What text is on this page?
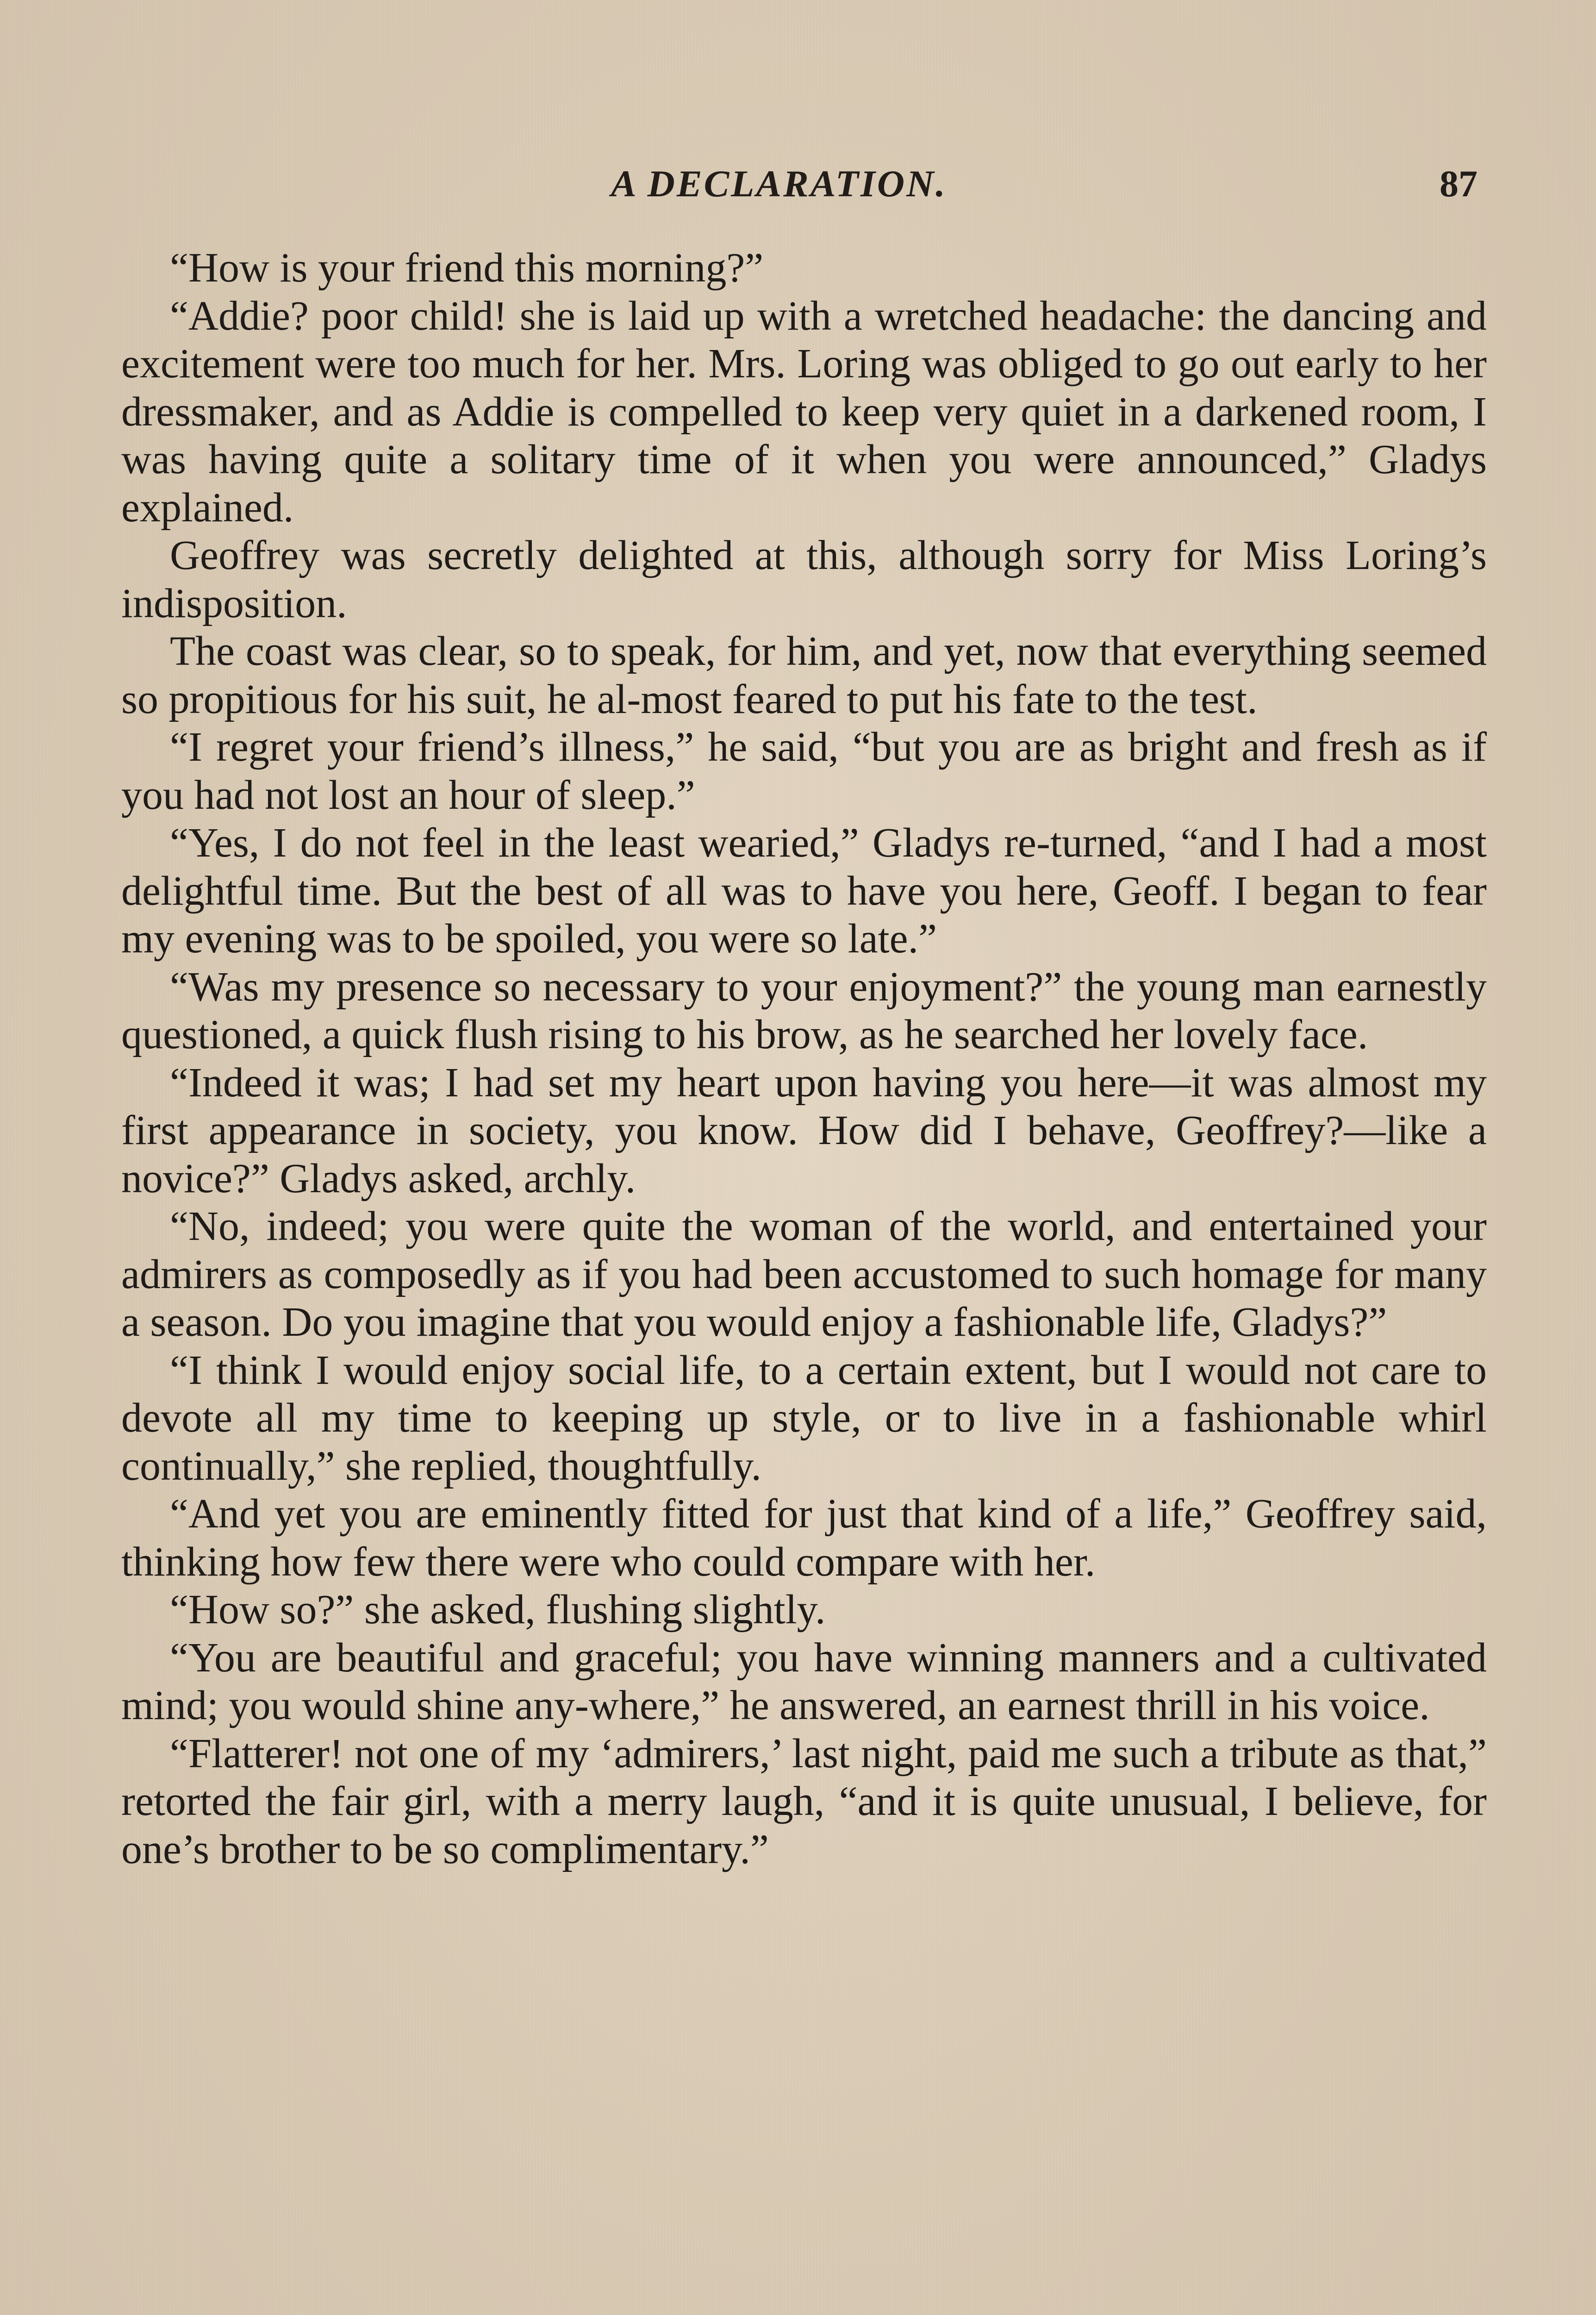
A DECLARATION.	87

“How is your friend this morning?”

“Addie? poor child! she is laid up with a wretched headache: the dancing and excitement were too much for her. Mrs. Loring was obliged to go out early to her dressmaker, and as Addie is compelled to keep very quiet in a darkened room, I was having quite a solitary time of it when you were announced,” Gladys explained.

Geoffrey was secretly delighted at this, although sorry for Miss Loring’s indisposition.

The coast was clear, so to speak, for him, and yet, now that everything seemed so propitious for his suit, he al-most feared to put his fate to the test.

“I regret your friend’s illness,” he said, “but you are as bright and fresh as if you had not lost an hour of sleep.”

“Yes, I do not feel in the least wearied,” Gladys re-turned, “and I had a most delightful time. But the best of all was to have you here, Geoff. I began to fear my evening was to be spoiled, you were so late.”

“Was my presence so necessary to your enjoyment?” the young man earnestly questioned, a quick flush rising to his brow, as he searched her lovely face.

“Indeed it was; I had set my heart upon having you here—it was almost my first appearance in society, you know. How did I behave, Geoffrey?—like a novice?” Gladys asked, archly.

“No, indeed; you were quite the woman of the world, and entertained your admirers as composedly as if you had been accustomed to such homage for many a season. Do you imagine that you would enjoy a fashionable life, Gladys?”

“I think I would enjoy social life, to a certain extent, but I would not care to devote all my time to keeping up style, or to live in a fashionable whirl continually,” she replied, thoughtfully.

“And yet you are eminently fitted for just that kind of a life,” Geoffrey said, thinking how few there were who could compare with her.

“How so?” she asked, flushing slightly.

“You are beautiful and graceful; you have winning manners and a cultivated mind; you would shine any-where,” he answered, an earnest thrill in his voice.

“Flatterer! not one of my ‘admirers,’ last night, paid me such a tribute as that,” retorted the fair girl, with a merry laugh, “and it is quite unusual, I believe, for one’s brother to be so complimentary.”
